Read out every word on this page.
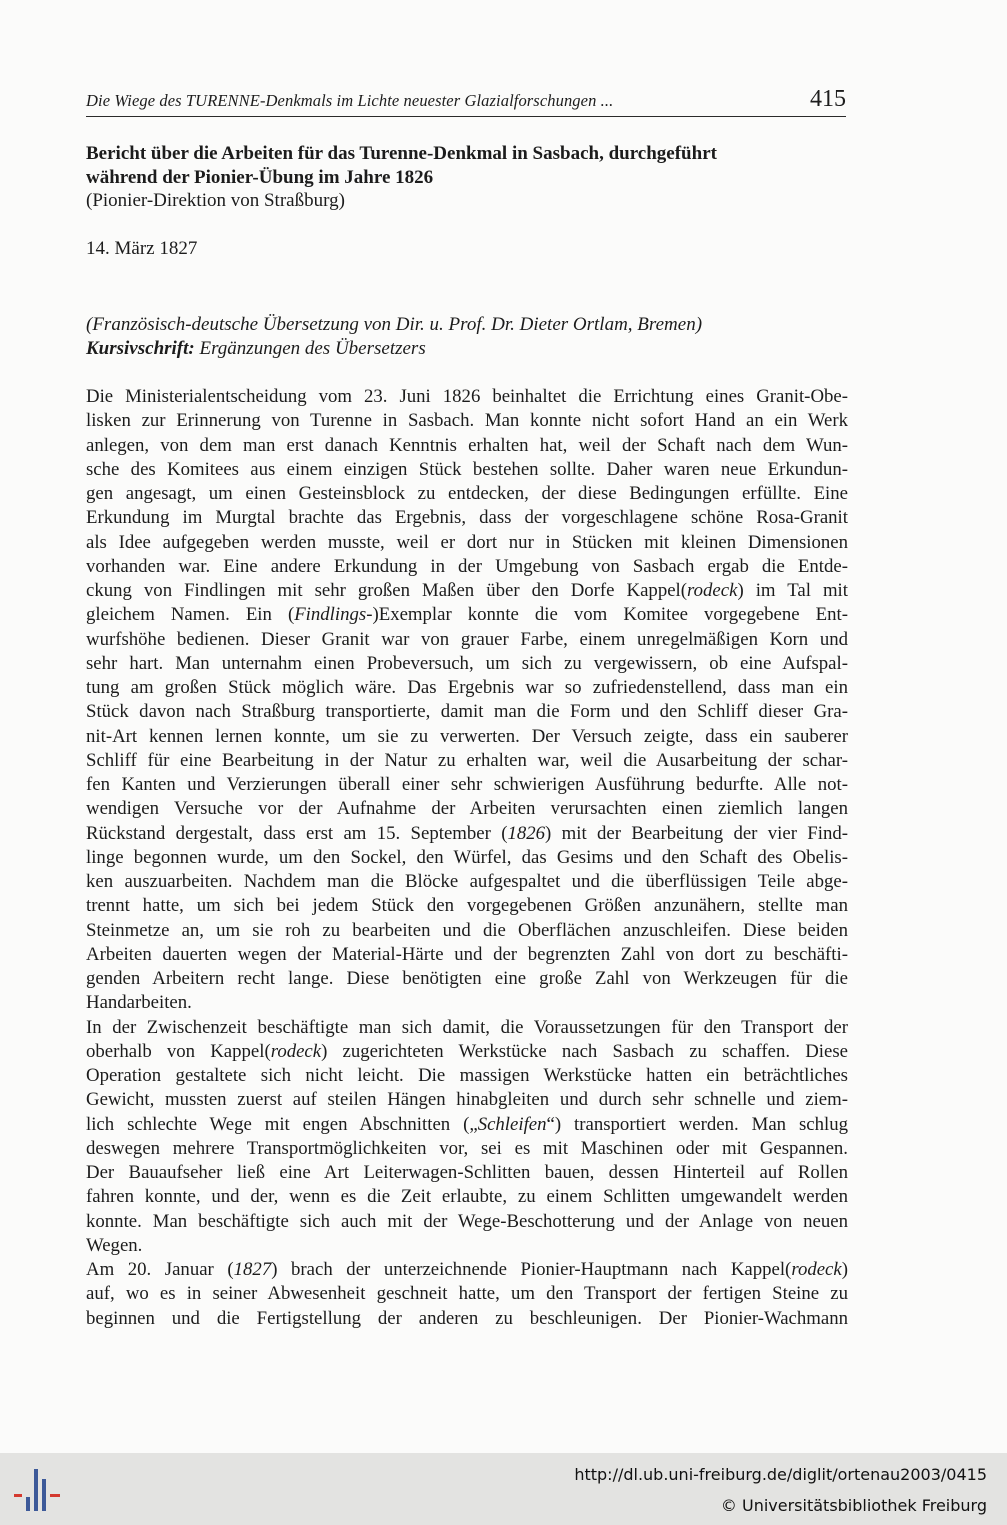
Die Wiege des TURENNE-Denkmals im Lichte neuester Glazialforschungen ...	415
Bericht über die Arbeiten für das Turenne-Denkmal in Sasbach, durchgeführt
während der Pionier-Übung im Jahre 1826
(Pionier-Direktion von Straßburg)
14. März 1827
(Französisch-deutsche Übersetzung von Dir. u. Prof. Dr. Dieter Ortlam, Bremen)
Kursivschrift: Ergänzungen des Übersetzers
Die Ministerialentscheidung vom 23. Juni 1826 beinhaltet die Errichtung eines Granit-Obe-
lisken zur Erinnerung von Turenne in Sasbach. Man konnte nicht sofort Hand an ein Werk
anlegen, von dem man erst danach Kenntnis erhalten hat, weil der Schaft nach dem Wun-
sche des Komitees aus einem einzigen Stück bestehen sollte. Daher waren neue Erkundun-
gen angesagt, um einen Gesteinsblock zu entdecken, der diese Bedingungen erfüllte. Eine
Erkundung im Murgtal brachte das Ergebnis, dass der vorgeschlagene schöne Rosa-Granit
als Idee aufgegeben werden musste, weil er dort nur in Stücken mit kleinen Dimensionen
vorhanden war. Eine andere Erkundung in der Umgebung von Sasbach ergab die Entde-
ckung von Findlingen mit sehr großen Maßen über den Dorfe Kappel(rodeck) im Tal mit
gleichem Namen. Ein (Findlings-)Exemplar konnte die vom Komitee vorgegebene Ent-
wurfshöhe bedienen. Dieser Granit war von grauer Farbe, einem unregelmäßigen Korn und
sehr hart. Man unternahm einen Probeversuch, um sich zu vergewissern, ob eine Aufspal-
tung am großen Stück möglich wäre. Das Ergebnis war so zufriedenstellend, dass man ein
Stück davon nach Straßburg transportierte, damit man die Form und den Schliff dieser Gra-
nit-Art kennen lernen konnte, um sie zu verwerten. Der Versuch zeigte, dass ein sauberer
Schliff für eine Bearbeitung in der Natur zu erhalten war, weil die Ausarbeitung der schar-
fen Kanten und Verzierungen überall einer sehr schwierigen Ausführung bedurfte. Alle not-
wendigen Versuche vor der Aufnahme der Arbeiten verursachten einen ziemlich langen
Rückstand dergestalt, dass erst am 15. September (1826) mit der Bearbeitung der vier Find-
linge begonnen wurde, um den Sockel, den Würfel, das Gesims und den Schaft des Obelis-
ken auszuarbeiten. Nachdem man die Blöcke aufgespaltet und die überflüssigen Teile abge-
trennt hatte, um sich bei jedem Stück den vorgegebenen Größen anzunähern, stellte man
Steinmetze an, um sie roh zu bearbeiten und die Oberflächen anzuschleifen. Diese beiden
Arbeiten dauerten wegen der Material-Härte und der begrenzten Zahl von dort zu beschäfti-
genden Arbeitern recht lange. Diese benötigten eine große Zahl von Werkzeugen für die
Handarbeiten.
In der Zwischenzeit beschäftigte man sich damit, die Voraussetzungen für den Transport der
oberhalb von Kappel(rodeck) zugerichteten Werkstücke nach Sasbach zu schaffen. Diese
Operation gestaltete sich nicht leicht. Die massigen Werkstücke hatten ein beträchtliches
Gewicht, mussten zuerst auf steilen Hängen hinabgleiten und durch sehr schnelle und ziem-
lich schlechte Wege mit engen Abschnitten („Schleifen“) transportiert werden. Man schlug
deswegen mehrere Transportmöglichkeiten vor, sei es mit Maschinen oder mit Gespannen.
Der Bauaufseher ließ eine Art Leiterwagen-Schlitten bauen, dessen Hinterteil auf Rollen
fahren konnte, und der, wenn es die Zeit erlaubte, zu einem Schlitten umgewandelt werden
konnte. Man beschäftigte sich auch mit der Wege-Beschotterung und der Anlage von neuen
Wegen.
Am 20. Januar (1827) brach der unterzeichnende Pionier-Hauptmann nach Kappel(rodeck)
auf, wo es in seiner Abwesenheit geschneit hatte, um den Transport der fertigen Steine zu
beginnen und die Fertigstellung der anderen zu beschleunigen. Der Pionier-Wachmann
http://dl.ub.uni-freiburg.de/diglit/ortenau2003/0415
© Universitätsbibliothek Freiburg
